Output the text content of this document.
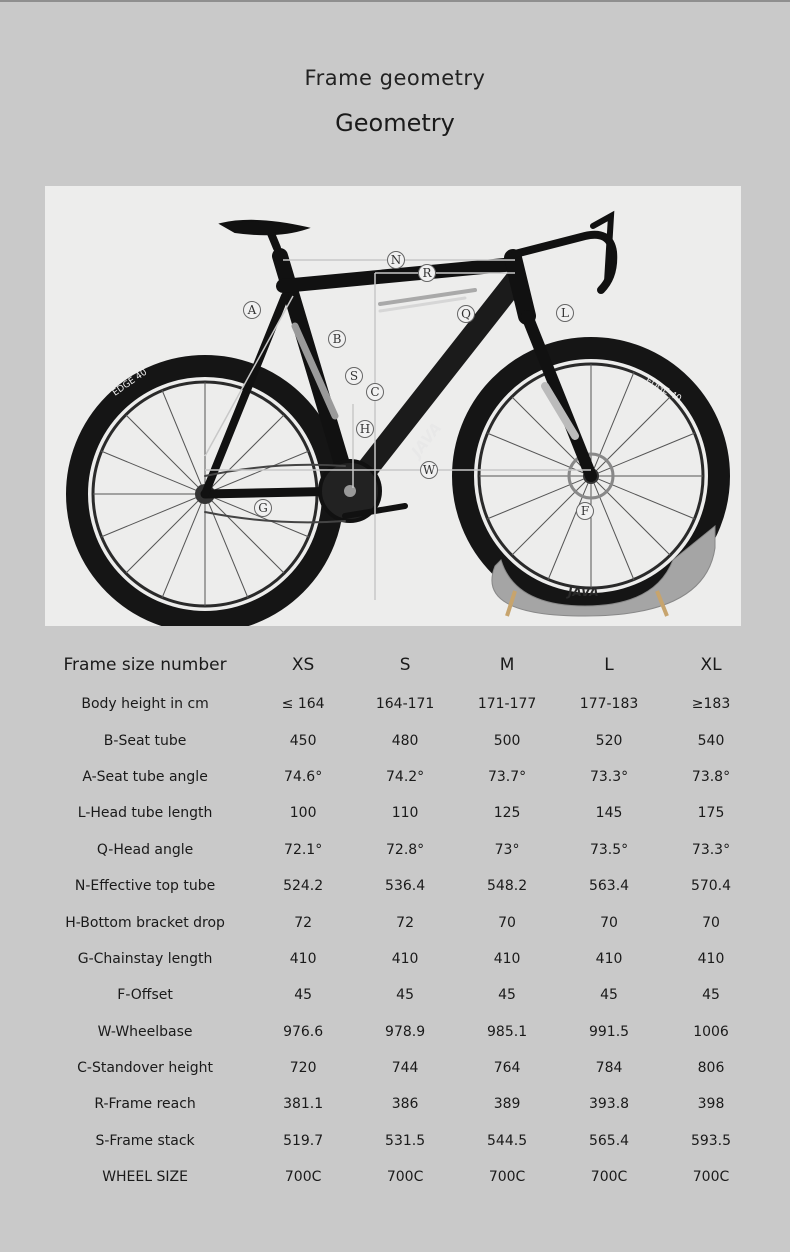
Frame geometry
Geometry
EDGE 40	EDGE 40
JAVA
JAVA
N
R
A	Q	L
B
S
C
H
W
G	F
Frame size number	XS	S	M	L	XL
Body height in cm	≤ 164	164-171	171-177	177-183	≥183
B-Seat tube	450	480	500	520	540
A-Seat tube angle	74.6°	74.2°	73.7°	73.3°	73.8°
L-Head tube length	100	110	125	145	175
Q-Head angle	72.1°	72.8°	73°	73.5°	73.3°
N-Effective top tube	524.2	536.4	548.2	563.4	570.4
H-Bottom bracket drop	72	72	70	70	70
G-Chainstay length	410	410	410	410	410
F-Offset	45	45	45	45	45
W-Wheelbase	976.6	978.9	985.1	991.5	1006
C-Standover height	720	744	764	784	806
R-Frame reach	381.1	386	389	393.8	398
S-Frame stack	519.7	531.5	544.5	565.4	593.5
WHEEL SIZE	700C	700C	700C	700C	700C
